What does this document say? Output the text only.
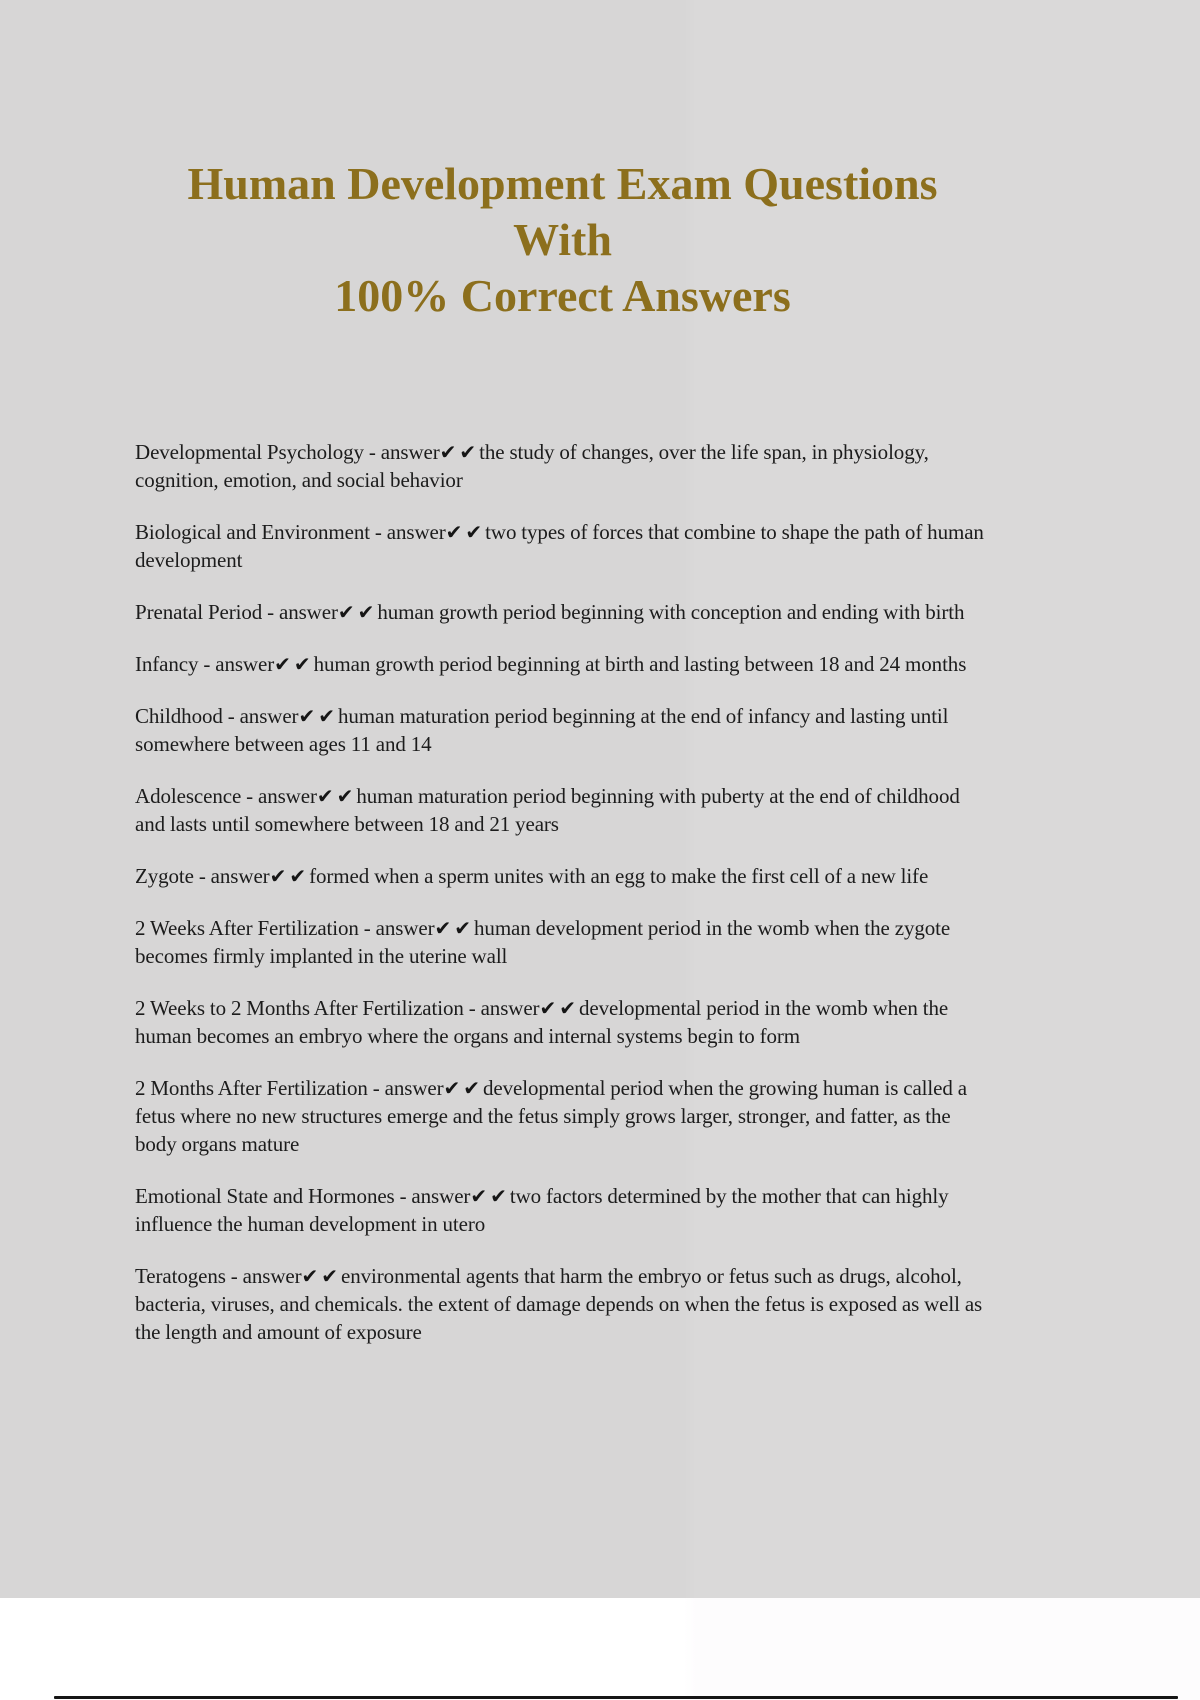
Human Development Exam Questions With
100% Correct Answers

Developmental Psychology - answer✔✔the study of changes, over the life span, in physiology, cognition, emotion, and social behavior

Biological and Environment - answer✔✔two types of forces that combine to shape the path of human development

Prenatal Period - answer✔✔human growth period beginning with conception and ending with birth

Infancy - answer✔✔human growth period beginning at birth and lasting between 18 and 24 months

Childhood - answer✔✔human maturation period beginning at the end of infancy and lasting until somewhere between ages 11 and 14

Adolescence - answer✔✔human maturation period beginning with puberty at the end of childhood and lasts until somewhere between 18 and 21 years

Zygote - answer✔✔formed when a sperm unites with an egg to make the first cell of a new life

2 Weeks After Fertilization - answer✔✔human development period in the womb when the zygote becomes firmly implanted in the uterine wall

2 Weeks to 2 Months After Fertilization - answer✔✔developmental period in the womb when the human becomes an embryo where the organs and internal systems begin to form

2 Months After Fertilization - answer✔✔developmental period when the growing human is called a fetus where no new structures emerge and the fetus simply grows larger, stronger, and fatter, as the body organs mature

Emotional State and Hormones - answer✔✔two factors determined by the mother that can highly influence the human development in utero

Teratogens - answer✔✔environmental agents that harm the embryo or fetus such as drugs, alcohol, bacteria, viruses, and chemicals. the extent of damage depends on when the fetus is exposed as well as the length and amount of exposure
